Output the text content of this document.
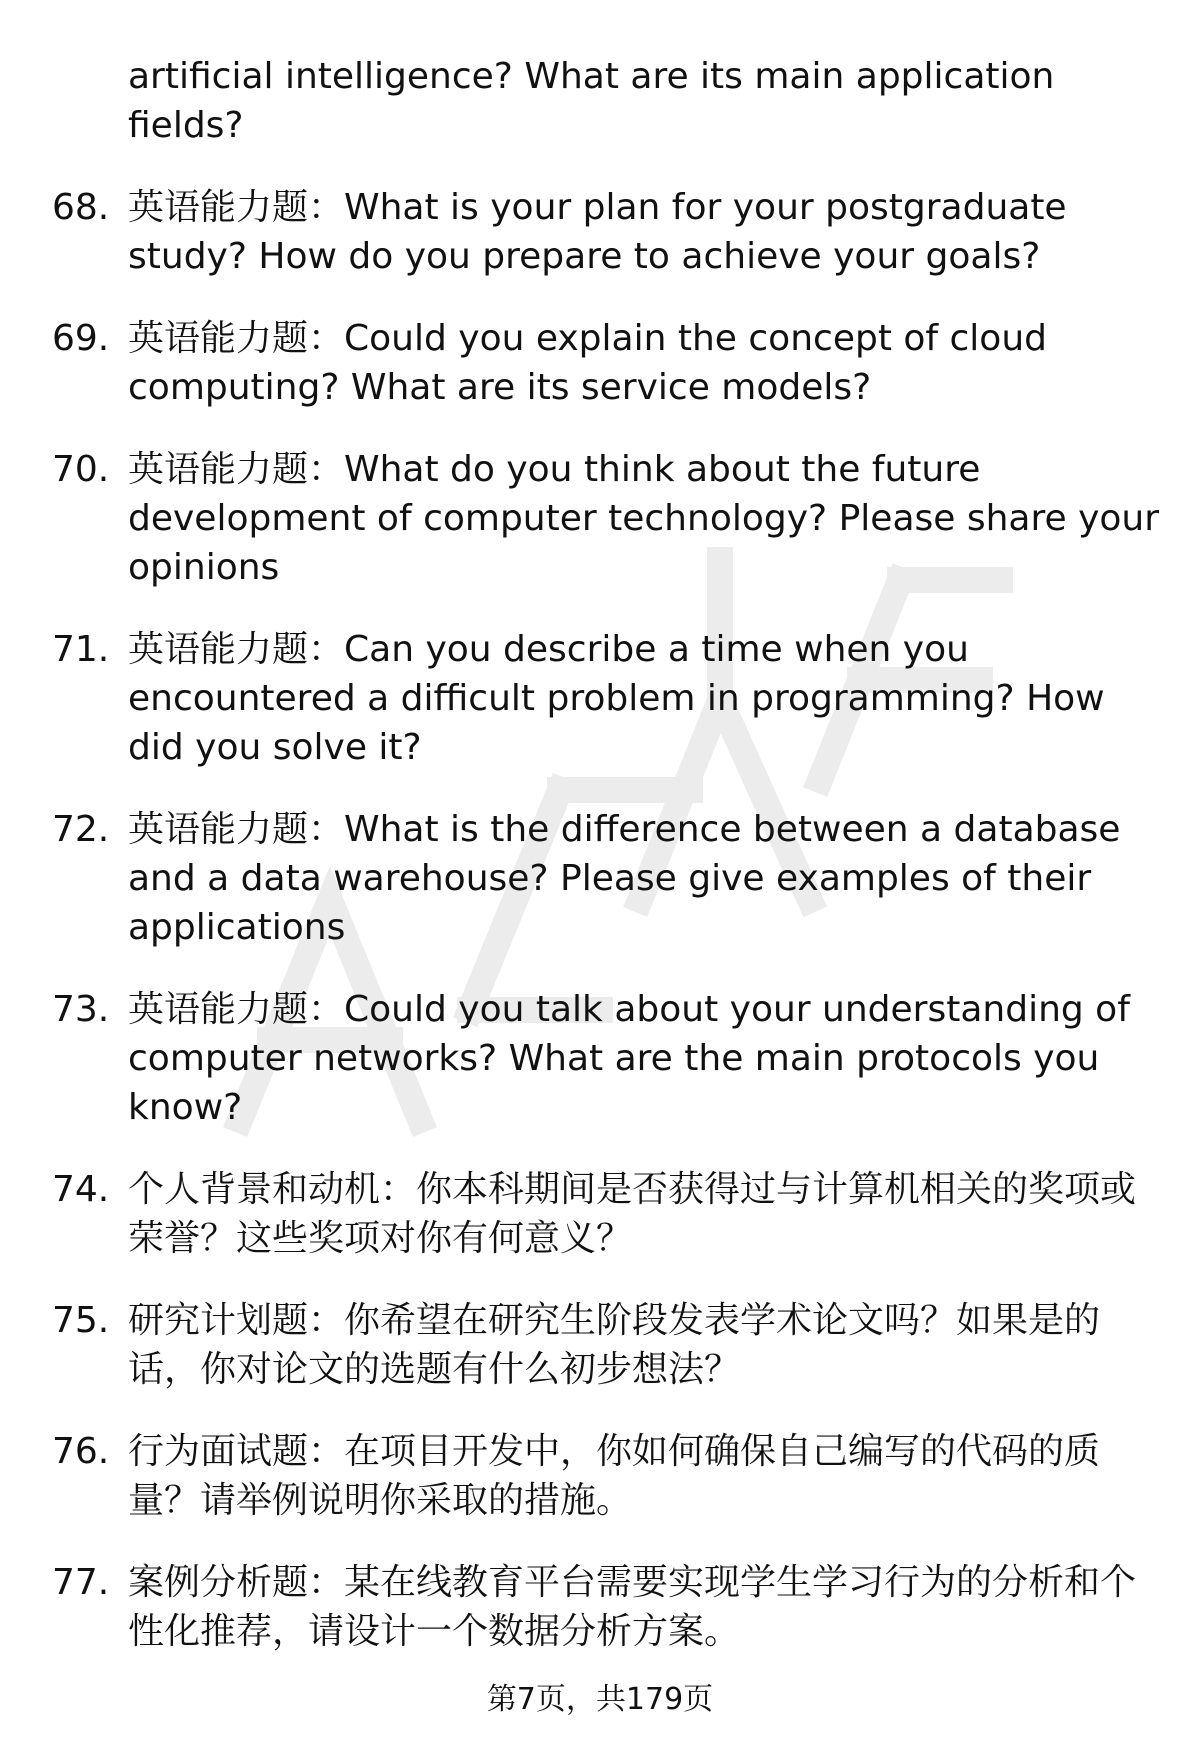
artificial intelligence? What are its main application fields?
68. 英语能力题：What is your plan for your postgraduate study? How do you prepare to achieve your goals?
69. 英语能力题：Could you explain the concept of cloud computing? What are its service models?
70. 英语能力题：What do you think about the future development of computer technology? Please share your opinions
71. 英语能力题：Can you describe a time when you encountered a difficult problem in programming? How did you solve it?
72. 英语能力题：What is the difference between a database and a data warehouse? Please give examples of their applications
73. 英语能力题：Could you talk about your understanding of computer networks? What are the main protocols you know?
74. 个人背景和动机：你本科期间是否获得过与计算机相关的奖项或荣誉？这些奖项对你有何意义？
75. 研究计划题：你希望在研究生阶段发表学术论文吗？如果是的话，你对论文的选题有什么初步想法？
76. 行为面试题：在项目开发中，你如何确保自己编写的代码的质量？请举例说明你采取的措施。
77. 案例分析题：某在线教育平台需要实现学生学习行为的分析和个性化推荐，请设计一个数据分析方案。
第7页，共179页
